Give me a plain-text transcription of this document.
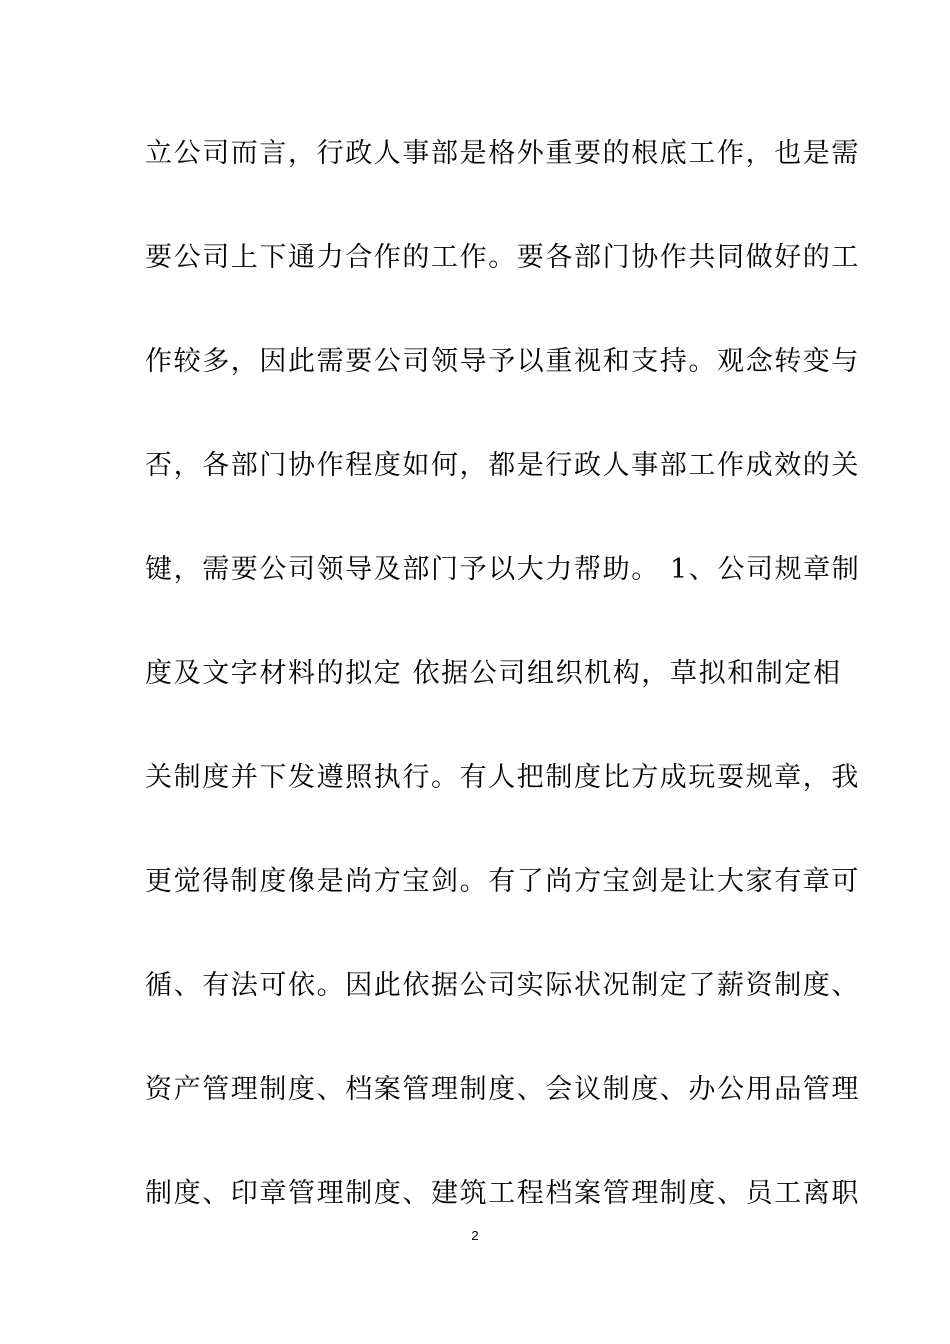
立公司而言，行政人事部是格外重要的根底工作，也是需
要公司上下通力合作的工作。要各部门协作共同做好的工
作较多，因此需要公司领导予以重视和支持。观念转变与
否，各部门协作程度如何，都是行政人事部工作成效的关
键，需要公司领导及部门予以大力帮助。 1、公司规章制
度及文字材料的拟定 依据公司组织机构，草拟和制定相
关制度并下发遵照执行。有人把制度比方成玩耍规章，我
更觉得制度像是尚方宝剑。有了尚方宝剑是让大家有章可
循、有法可依。因此依据公司实际状况制定了薪资制度、
资产管理制度、档案管理制度、会议制度、办公用品管理
制度、印章管理制度、建筑工程档案管理制度、员工离职
2
